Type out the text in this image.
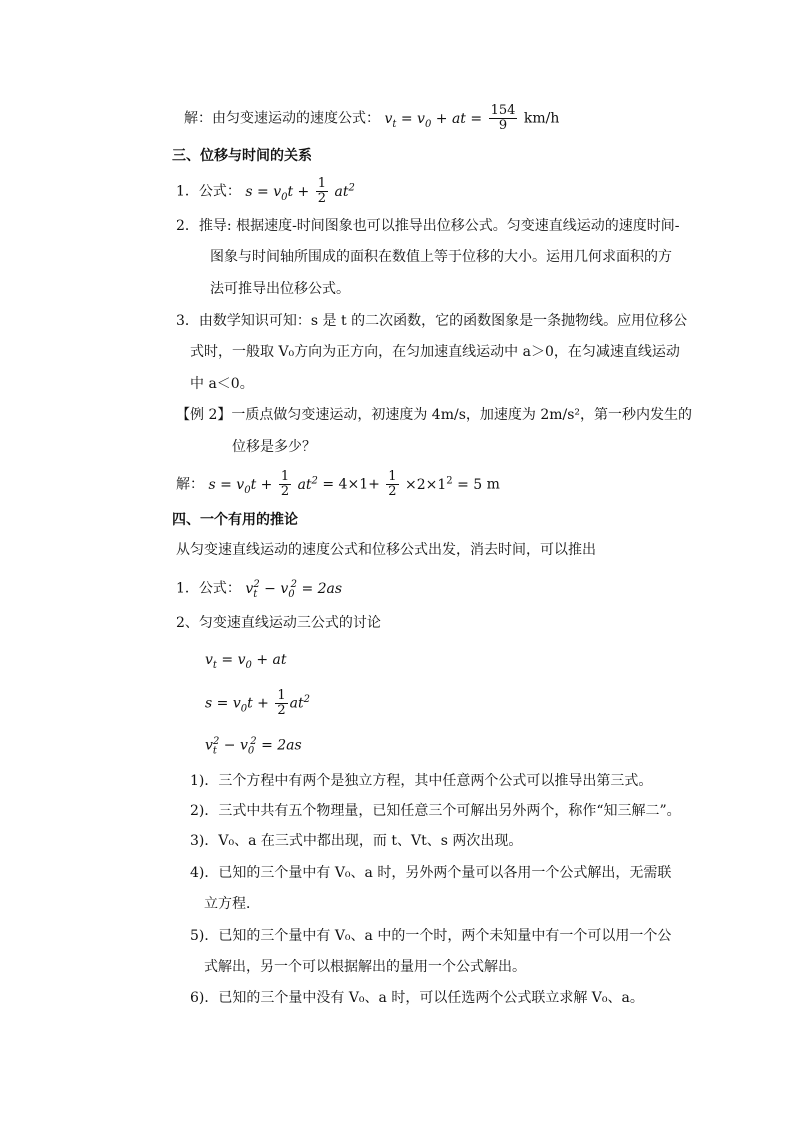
解：由匀变速运动的速度公式： $v_t = v_0$ + at = $\frac{154}{9} km/h$
三、位移与时间的关系
1．公式： $s = v_0t + \frac{1}{2} at^2$
2．推导: 根据速度-时间图象也可以推导出位移公式。匀变速直线运动的速度时间-
图象与时间轴所围成的面积在数值上等于位移的大小。运用几何求面积的方
法可推导出位移公式。
3．由数学知识可知：s 是 t 的二次函数，它的函数图象是一条抛物线。应用位移公
式时，一般取 V₀方向为正方向，在匀加速直线运动中 a＞0，在匀减速直线运动
中 a＜0。
【例 2】一质点做匀变速运动，初速度为 4m/s，加速度为 2m/s²，第一秒内发生的
位移是多少？
解： $s = v_0t + \frac{1}{2} at^2 = 4\times 1+ \frac{1}{2} \times 2\times 1^2 = 5$ m
四、一个有用的推论
从匀变速直线运动的速度公式和位移公式出发，消去时间，可以推出
1．公式： $v_t^2 - v_0^2 = 2as$
2、匀变速直线运动三公式的讨论
$v_t = v_0$ + at
$s = v_0t + \frac{1}{2} at^2$
$v_t^2 - v_0^2 = 2as$
1)．三个方程中有两个是独立方程，其中任意两个公式可以推导出第三式。
2)．三式中共有五个物理量，已知任意三个可解出另外两个，称作“知三解二”。
3)．V₀、a 在三式中都出现，而 t、Vt、s 两次出现。
4)．已知的三个量中有 V₀、a 时，另外两个量可以各用一个公式解出，无需联
立方程．
5)．已知的三个量中有 V₀、a 中的一个时，两个未知量中有一个可以用一个公
式解出，另一个可以根据解出的量用一个公式解出。
6)．已知的三个量中没有 V₀、a 时，可以任选两个公式联立求解 V₀、a。
